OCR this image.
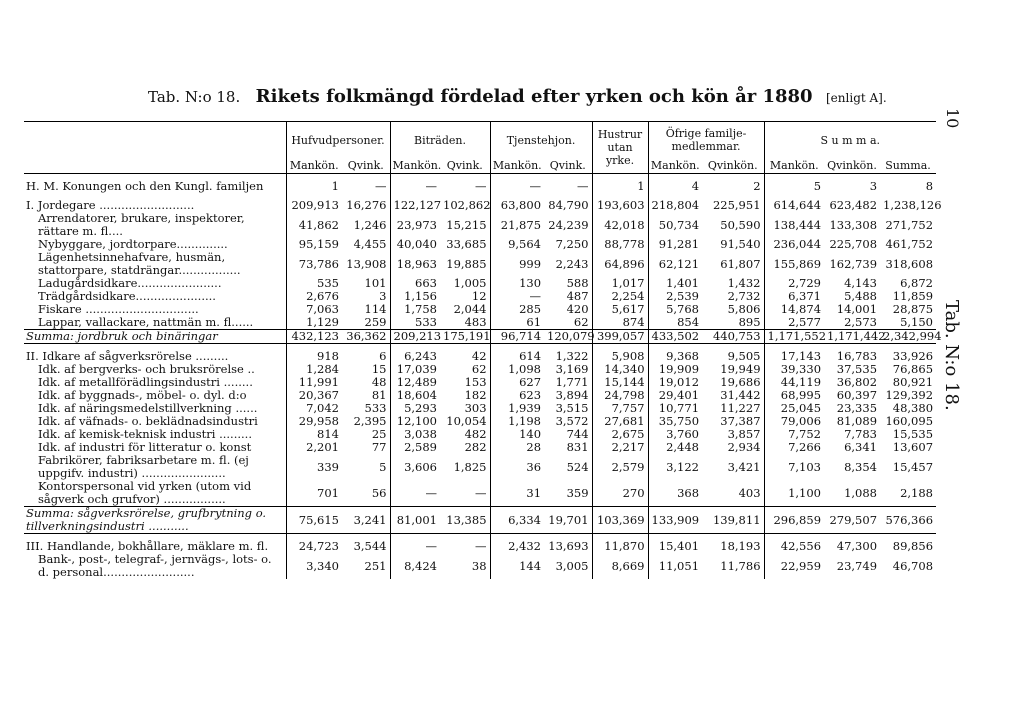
Tab. N:o 18. Rikets folkmängd fördelad efter yrken och kön år 1880 [enligt A].
10
Tab. N:o 18.
	Hufvudpersoner.		Biträden.		Tjenstehjon.		Hustrur utan yrke.	Öfrige familje-medlemmar.		S u m m a.		
	Mankön.	Qvink.	Mankön.	Qvink.	Mankön.	Qvink.		Mankön.	Qvinkön.	Mankön.	Qvinkön.	Summa.

H. M. Konungen och den Kungl. familjen	1	—	—	—	—	—	1	4	2	5	3	8

I. Jordegare ..........................	209,913	16,276	122,127	102,862	63,800	84,790	193,603	218,804	225,951	614,644	623,482	1,238,126
Arrendatorer, brukare, inspektorer, rättare m. fl....	41,862	1,246	23,973	15,215	21,875	24,239	42,018	50,734	50,590	138,444	133,308	271,752
Nybyggare, jordtorpare..............	95,159	4,455	40,040	33,685	9,564	7,250	88,778	91,281	91,540	236,044	225,708	461,752
Lägenhetsinnehafvare, husmän, stattorpare, statdrängar.................	73,786	13,908	18,963	19,885	999	2,243	64,896	62,121	61,807	155,869	162,739	318,608
Ladugårdsidkare.......................	535	101	663	1,005	130	588	1,017	1,401	1,432	2,729	4,143	6,872
Trädgårdsidkare......................	2,676	3	1,156	12	—	487	2,254	2,539	2,732	6,371	5,488	11,859
Fiskare ...............................	7,063	114	1,758	2,044	285	420	5,617	5,768	5,806	14,874	14,001	28,875
Lappar, vallackare, nattmän m. fl......	1,129	259	533	483	61	62	874	854	895	2,577	2,573	5,150
Summa: jordbruk och binäringar	432,123	36,362	209,213	175,191	96,714	120,079	399,057	433,502	440,753	1,171,552	1,171,442	2,342,994

II. Idkare af sågverksrörelse .........	918	6	6,243	42	614	1,322	5,908	9,368	9,505	17,143	16,783	33,926
Idk. af bergverks- och bruksrörelse ..	1,284	15	17,039	62	1,098	3,169	14,340	19,909	19,949	39,330	37,535	76,865
Idk. af metallförädlingsindustri ........	11,991	48	12,489	153	627	1,771	15,144	19,012	19,686	44,119	36,802	80,921
Idk. af byggnads-, möbel- o. dyl. d:o	20,367	81	18,604	182	623	3,894	24,798	29,401	31,442	68,995	60,397	129,392
Idk. af näringsmedelstillverkning ......	7,042	533	5,293	303	1,939	3,515	7,757	10,771	11,227	25,045	23,335	48,380
Idk. af väfnads- o. beklädnadsindustri	29,958	2,395	12,100	10,054	1,198	3,572	27,681	35,750	37,387	79,006	81,089	160,095
Idk. af kemisk-teknisk industri .........	814	25	3,038	482	140	744	2,675	3,760	3,857	7,752	7,783	15,535
Idk. af industri för litteratur o. konst	2,201	77	2,589	282	28	831	2,217	2,448	2,934	7,266	6,341	13,607
Fabrikörer, fabriksarbetare m. fl. (ej uppgifv. industri) .......................	339	5	3,606	1,825	36	524	2,579	3,122	3,421	7,103	8,354	15,457
Kontorspersonal vid yrken (utom vid sågverk och grufvor) .................	701	56	—	—	31	359	270	368	403	1,100	1,088	2,188
Summa: sågverksrörelse, grufbrytning o. tillverkningsindustri ...........	75,615	3,241	81,001	13,385	6,334	19,701	103,369	133,909	139,811	296,859	279,507	576,366

III. Handlande, bokhållare, mäklare m. fl.	24,723	3,544	—	—	2,432	13,693	11,870	15,401	18,193	42,556	47,300	89,856
Bank-, post-, telegraf-, jernvägs-, lots- o. d. personal.........................	3,340	251	8,424	38	144	3,005	8,669	11,051	11,786	22,959	23,749	46,708
